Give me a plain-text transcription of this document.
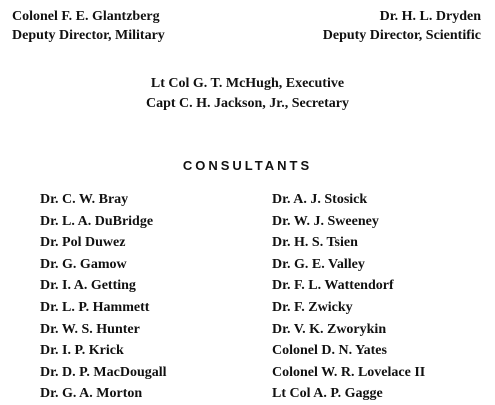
Colonel F. E. Glantzberg
Deputy Director, Military
Dr. H. L. Dryden
Deputy Director, Scientific
Lt Col G. T. McHugh, Executive
Capt C. H. Jackson, Jr., Secretary
CONSULTANTS
Dr. C. W. Bray
Dr. L. A. DuBridge
Dr. Pol Duwez
Dr. G. Gamow
Dr. I. A. Getting
Dr. L. P. Hammett
Dr. W. S. Hunter
Dr. I. P. Krick
Dr. D. P. MacDougall
Dr. G. A. Morton
Dr. A. J. Stosick
Dr. W. J. Sweeney
Dr. H. S. Tsien
Dr. G. E. Valley
Dr. F. L. Wattendorf
Dr. F. Zwicky
Dr. V. K. Zworykin
Colonel D. N. Yates
Colonel W. R. Lovelace II
Lt Col A. P. Gagge
